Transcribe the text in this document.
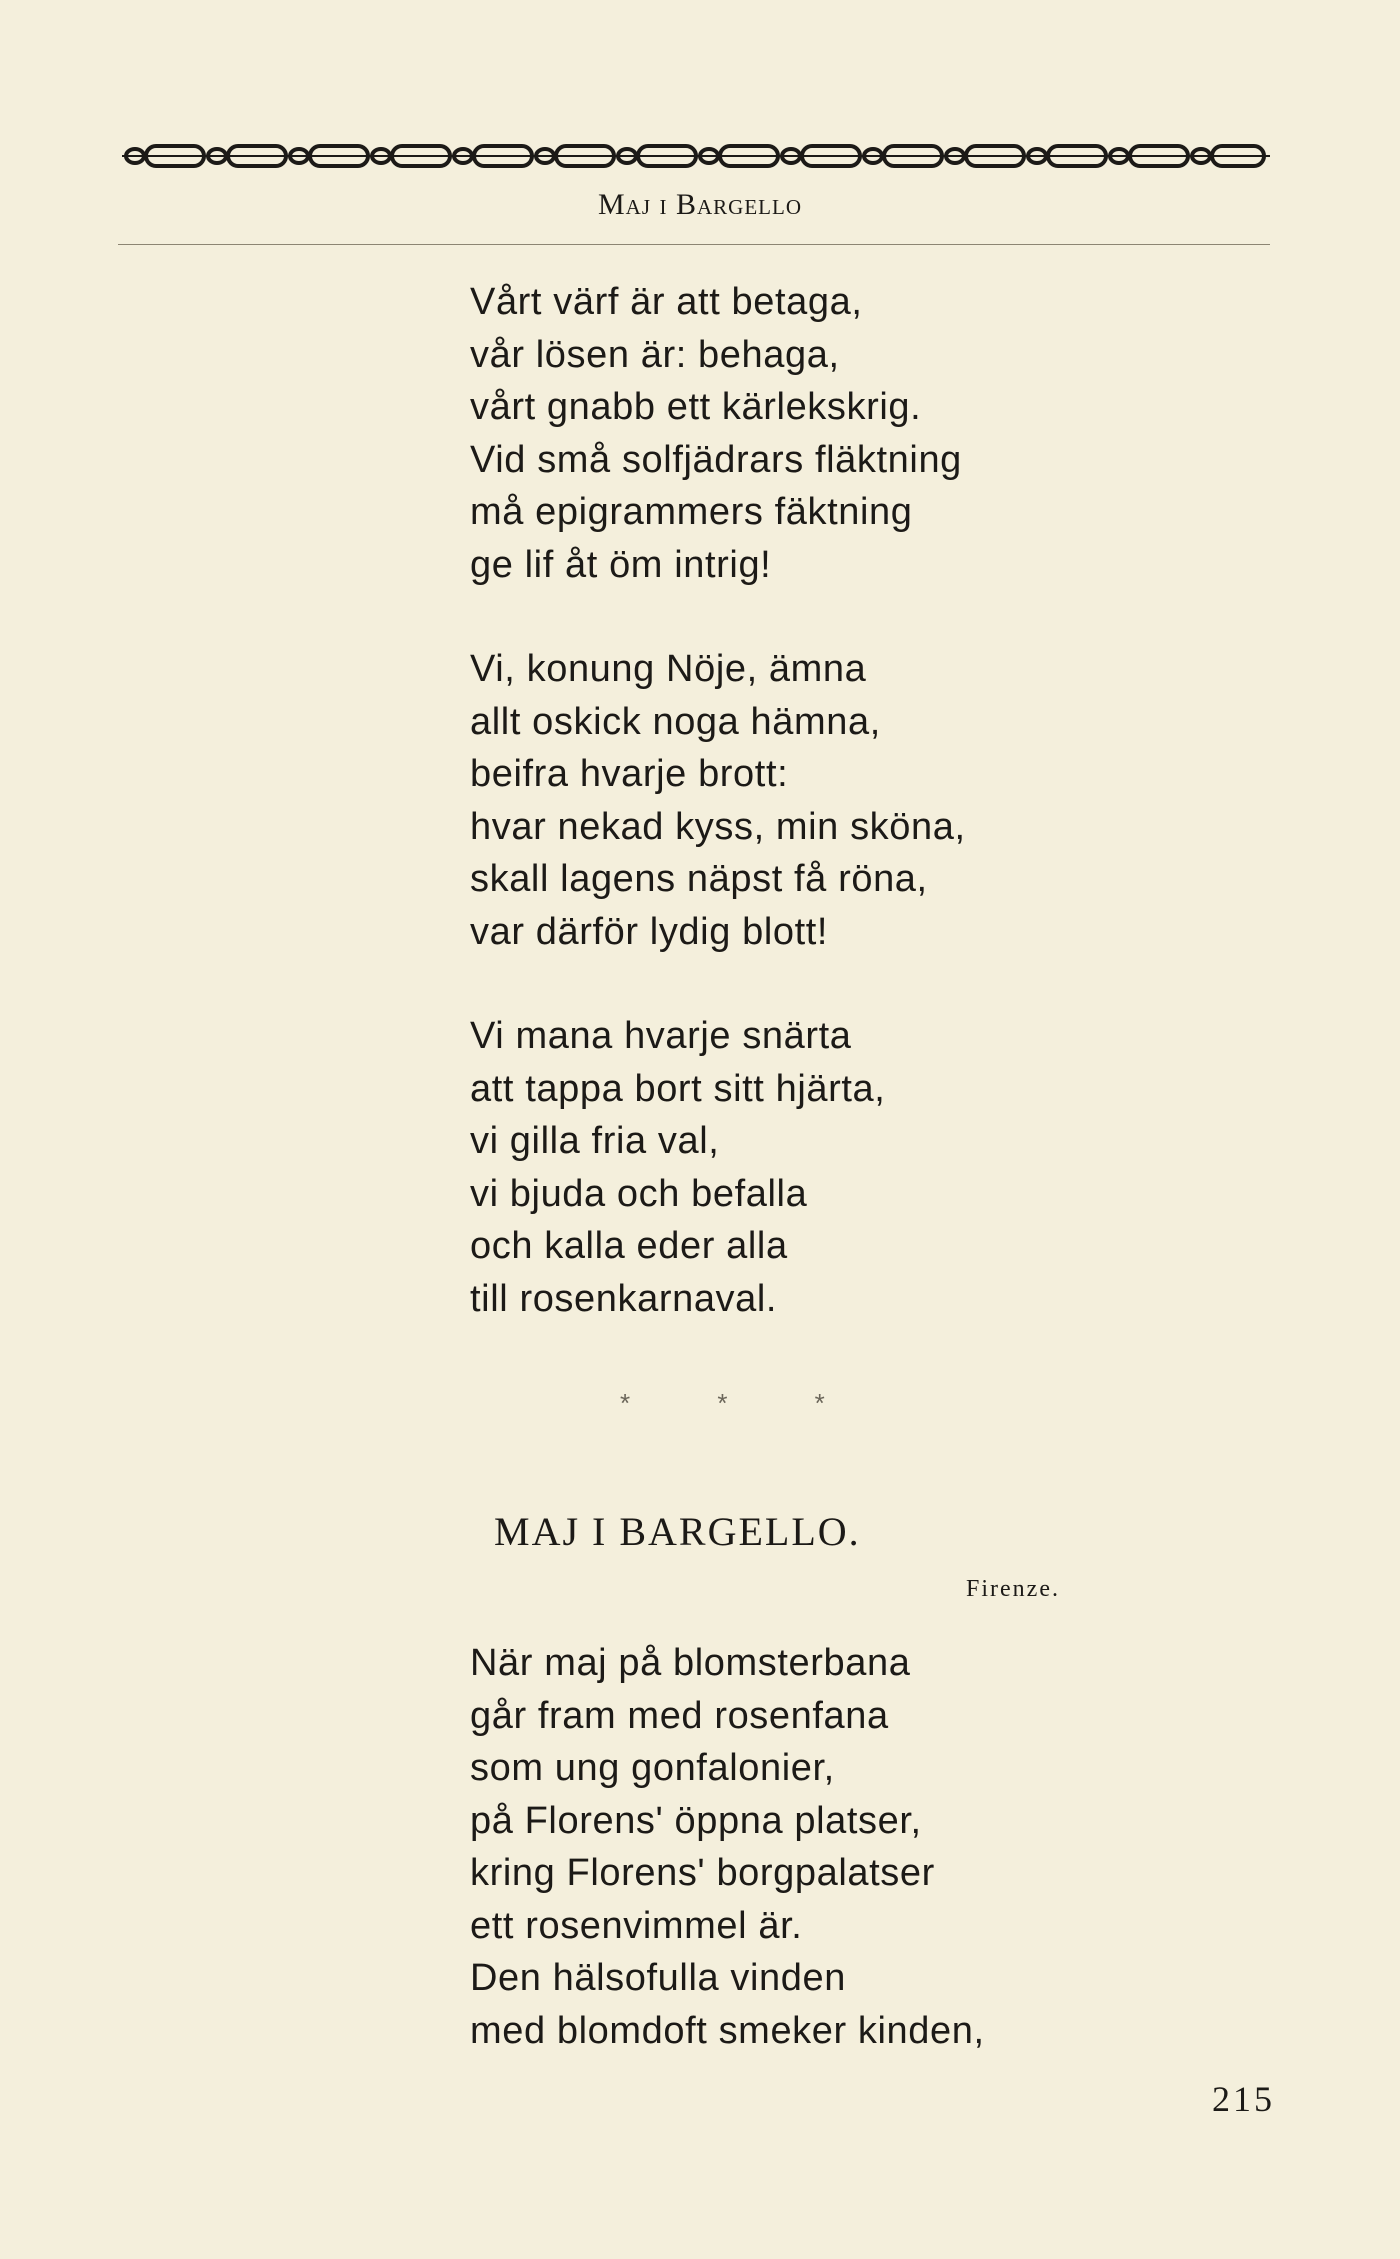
Maj i Bargello
Vårt värf är att betaga,
vår lösen är: behaga,
vårt gnabb ett kärlekskrig.
Vid små solfjädrars fläktning
må epigrammers fäktning
ge lif åt öm intrig!
Vi, konung Nöje, ämna
allt oskick noga hämna,
beifra hvarje brott:
hvar nekad kyss, min sköna,
skall lagens näpst få röna,
var därför lydig blott!
Vi mana hvarje snärta
att tappa bort sitt hjärta,
vi gilla fria val,
vi bjuda och befalla
och kalla eder alla
till rosenkarnaval.
* * *
MAJ I BARGELLO.
Firenze.
När maj på blomsterbana
går fram med rosenfana
som ung gonfalonier,
på Florens' öppna platser,
kring Florens' borgpalatser
ett rosenvimmel är.
Den hälsofulla vinden
med blomdoft smeker kinden,
215
